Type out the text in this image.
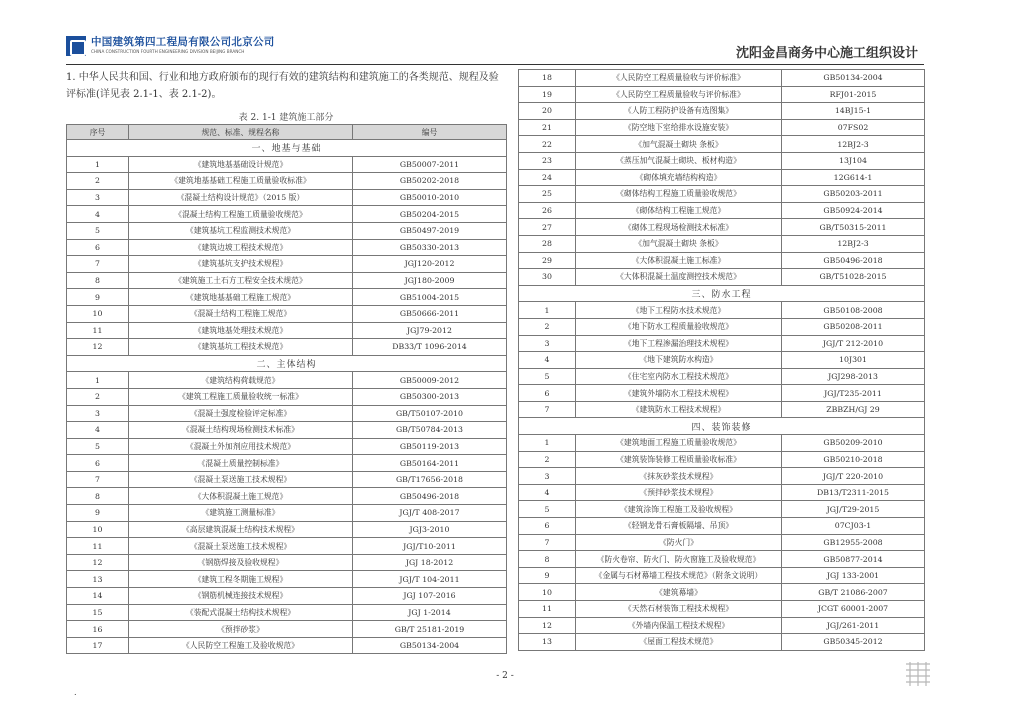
中国建筑第四工程局有限公司北京公司
CHINA CONSTRUCTION FOURTH ENGINEERING DIVISION BEIJING BRANCH	沈阳金昌商务中心施工组织设计
1. 中华人民共和国、行业和地方政府颁布的现行有效的建筑结构和建筑施工的各类规范、规程及验评标准(详见表 2.1-1、表 2.1-2)。
表 2. 1-1 建筑施工部分
序号	规范、标准、规程名称	编号
一、地基与基础		
1	《建筑地基基础设计规范》	GB50007-2011
2	《建筑地基基础工程施工质量验收标准》	GB50202-2018
3	《混凝土结构设计规范》（2015 版）	GB50010-2010
4	《混凝土结构工程施工质量验收规范》	GB50204-2015
5	《建筑基坑工程监测技术规范》	GB50497-2019
6	《建筑边坡工程技术规范》	GB50330-2013
7	《建筑基坑支护技术规程》	JGJ120-2012
8	《建筑施工土石方工程安全技术规范》	JGJ180-2009
9	《建筑地基基础工程施工规范》	GB51004-2015
10	《混凝土结构工程施工规范》	GB50666-2011
11	《建筑地基处理技术规范》	JGJ79-2012
12	《建筑基坑工程技术规范》	DB33/T 1096-2014
二、主体结构		
1	《建筑结构荷载规范》	GB50009-2012
2	《建筑工程施工质量验收统一标准》	GB50300-2013
3	《混凝土强度检验评定标准》	GB/T50107-2010
4	《混凝土结构现场检测技术标准》	GB/T50784-2013
5	《混凝土外加剂应用技术规范》	GB50119-2013
6	《混凝土质量控制标准》	GB50164-2011
7	《混凝土泵送施工技术规程》	GB/T17656-2018
8	《大体积混凝土施工规范》	GB50496-2018
9	《建筑施工测量标准》	JGJ/T 408-2017
10	《高层建筑混凝土结构技术规程》	JGJ3-2010
11	《混凝土泵送施工技术规程》	JGJ/T10-2011
12	《钢筋焊接及验收规程》	JGJ 18-2012
13	《建筑工程冬期施工规程》	JGJ/T 104-2011
14	《钢筋机械连接技术规程》	JGJ 107-2016
15	《装配式混凝土结构技术规程》	JGJ 1-2014
16	《预拌砂浆》	GB/T 25181-2019
17	《人民防空工程施工及验收规范》	GB50134-2004
18	《人民防空工程质量验收与评价标准》	GB50134-2004
19	《人民防空工程质量验收与评价标准》	RFJ01-2015
20	《人防工程防护设备有选图集》	14BJ15-1
21	《防空地下室给排水设施安装》	07FS02
22	《加气混凝土砌块 条板》	12BJ2-3
23	《蒸压加气混凝土砌块、板材构造》	13J104
24	《砌体填充墙结构构造》	12G614-1
25	《砌体结构工程施工质量验收规范》	GB50203-2011
26	《砌体结构工程施工规范》	GB50924-2014
27	《砌体工程现场检测技术标准》	GB/T50315-2011
28	《加气混凝土砌块 条板》	12BJ2-3
29	《大体积混凝土施工标准》	GB50496-2018
30	《大体积混凝土温度测控技术规范》	GB/T51028-2015
三、防水工程		
1	《地下工程防水技术规范》	GB50108-2008
2	《地下防水工程质量验收规范》	GB50208-2011
3	《地下工程渗漏治理技术规程》	JGJ/T 212-2010
4	《地下建筑防水构造》	10J301
5	《住宅室内防水工程技术规范》	JGJ298-2013
6	《建筑外墙防水工程技术规程》	JGJ/T235-2011
7	《建筑防水工程技术规程》	ZBBZH/GJ 29
四、装饰装修		
1	《建筑地面工程施工质量验收规范》	GB50209-2010
2	《建筑装饰装修工程质量验收标准》	GB50210-2018
3	《抹灰砂浆技术规程》	JGJ/T 220-2010
4	《预拌砂浆技术规程》	DB13/T2311-2015
5	《建筑涂饰工程施工及验收规程》	JGJ/T29-2015
6	《轻钢龙骨石膏板隔墙、吊顶》	07CJ03-1
7	《防火门》	GB12955-2008
8	《防火卷帘、防火门、防火窗施工及验收规范》	GB50877-2014
9	《金属与石材幕墙工程技术规范》（附条文说明）	JGJ 133-2001
10	《建筑幕墙》	GB/T 21086-2007
11	《天然石材装饰工程技术规程》	JCGT 60001-2007
12	《外墙内保温工程技术规程》	JGJ/261-2011
13	《屋面工程技术规范》	GB50345-2012
- 2 -
.
